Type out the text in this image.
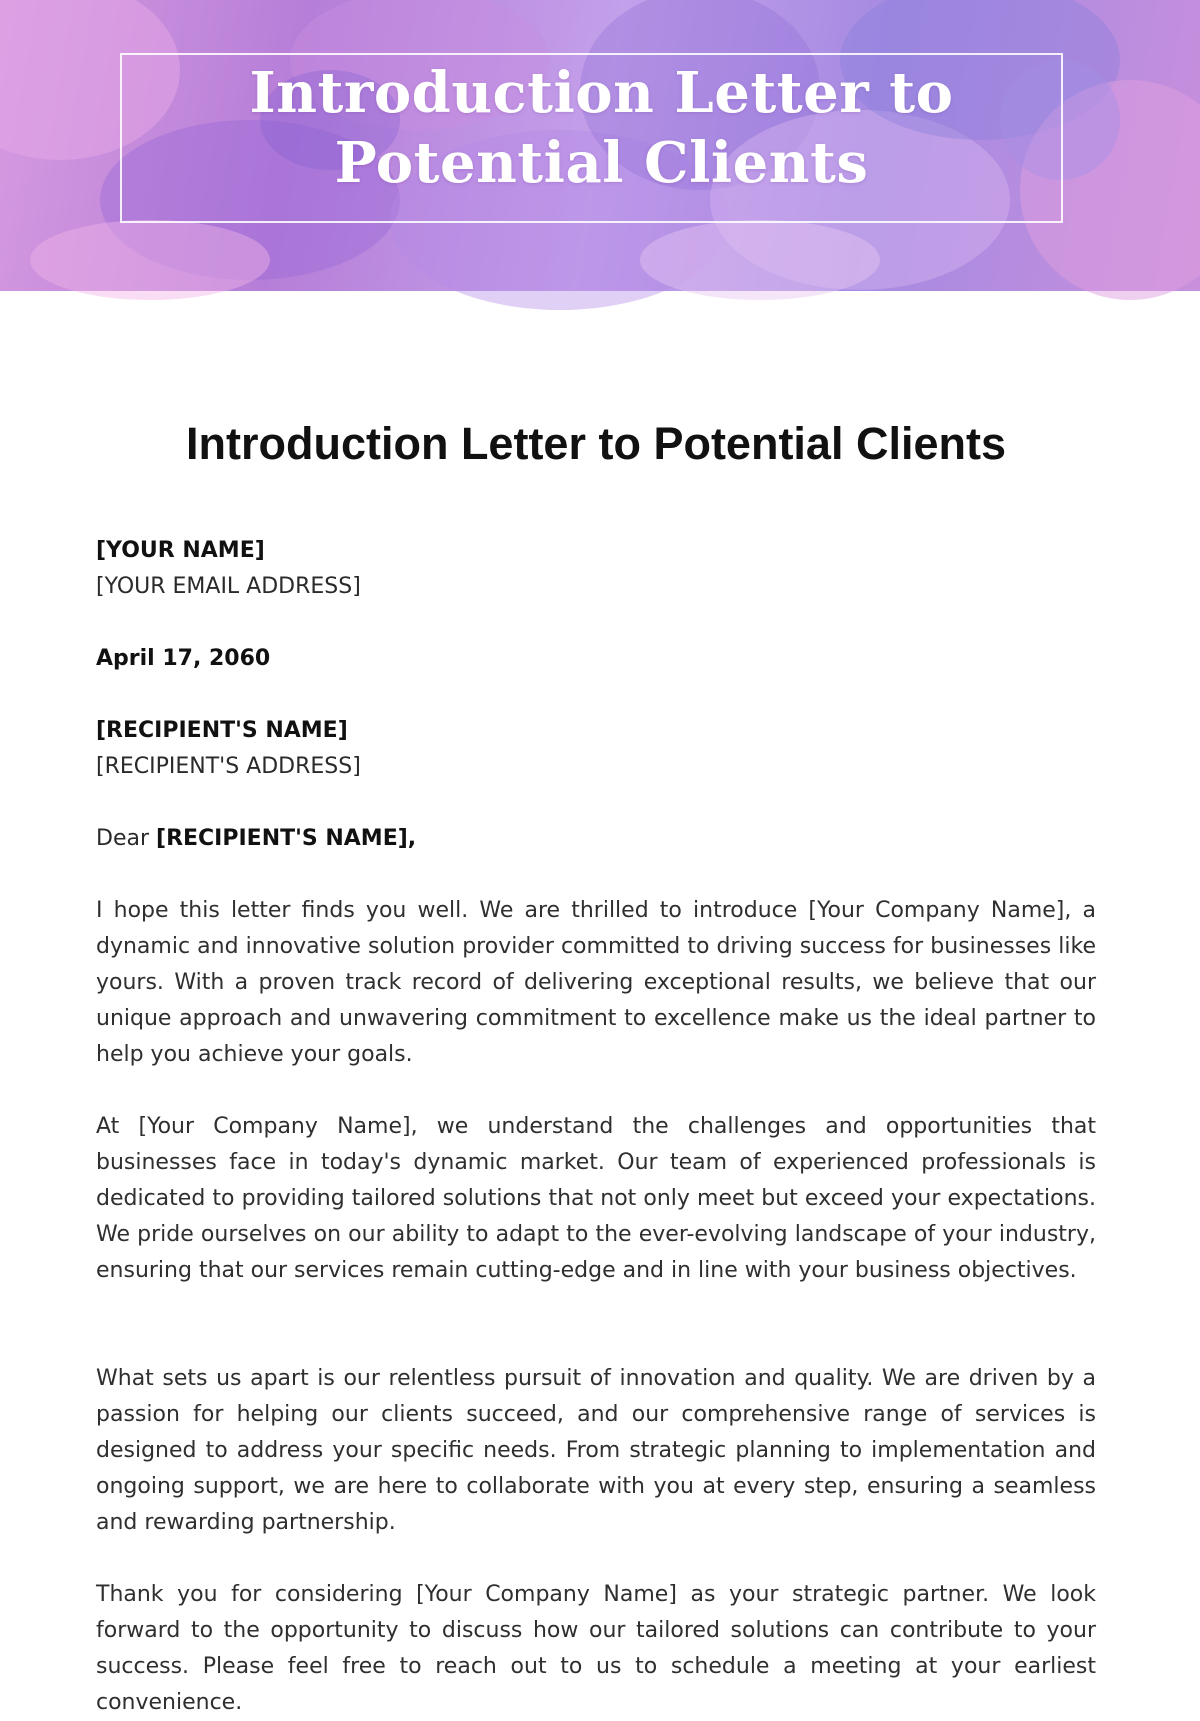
Introduction Letter to Potential Clients
Introduction Letter to Potential Clients
[YOUR NAME]
[YOUR EMAIL ADDRESS]
April 17, 2060
[RECIPIENT'S NAME]
[RECIPIENT'S ADDRESS]
Dear [RECIPIENT'S NAME],

I hope this letter finds you well. We are thrilled to introduce [Your Company Name], a dynamic and innovative solution provider committed to driving success for businesses like yours. With a proven track record of delivering exceptional results, we believe that our unique approach and unwavering commitment to excellence make us the ideal partner to help you achieve your goals.

At [Your Company Name], we understand the challenges and opportunities that businesses face in today's dynamic market. Our team of experienced professionals is dedicated to providing tailored solutions that not only meet but exceed your expectations. We pride ourselves on our ability to adapt to the ever-evolving landscape of your industry, ensuring that our services remain cutting-edge and in line with your business objectives.

What sets us apart is our relentless pursuit of innovation and quality. We are driven by a passion for helping our clients succeed, and our comprehensive range of services is designed to address your specific needs. From strategic planning to implementation and ongoing support, we are here to collaborate with you at every step, ensuring a seamless and rewarding partnership.

Thank you for considering [Your Company Name] as your strategic partner. We look forward to the opportunity to discuss how our tailored solutions can contribute to your success. Please feel free to reach out to us to schedule a meeting at your earliest convenience.
